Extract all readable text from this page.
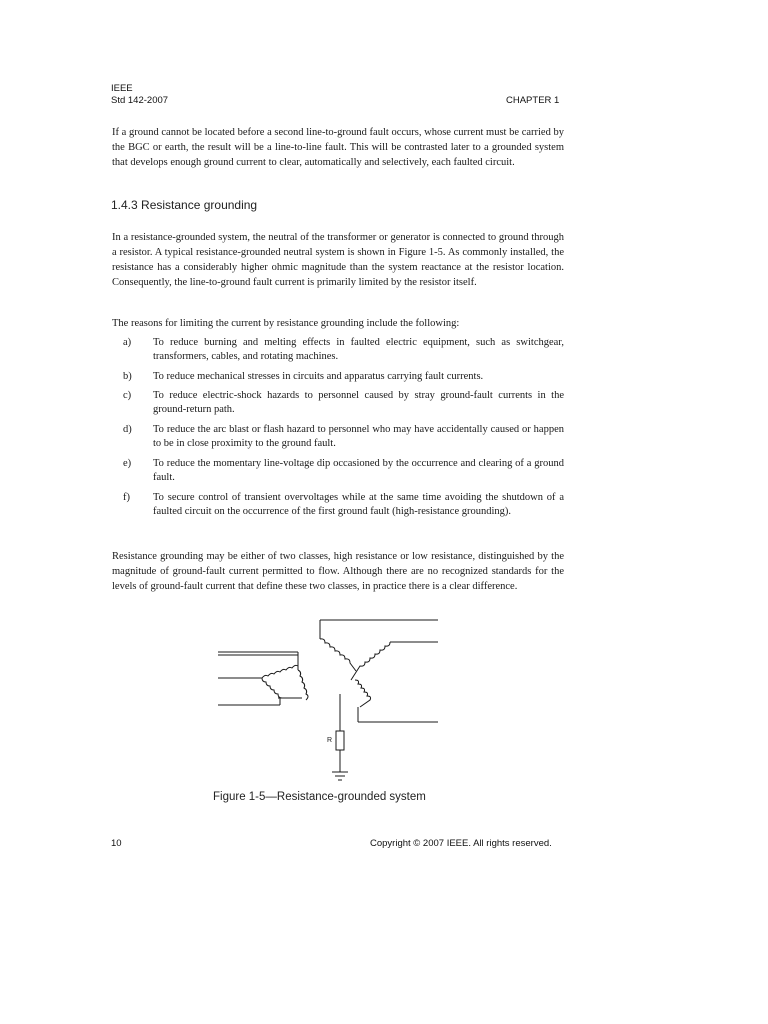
IEEE
Std 142-2007	CHAPTER 1

If a ground cannot be located before a second line-to-ground fault occurs, whose current must be carried by the BGC or earth, the result will be a line-to-line fault. This will be contrasted later to a grounded system that develops enough ground current to clear, automatically and selectively, each faulted circuit.

1.4.3 Resistance grounding

In a resistance-grounded system, the neutral of the transformer or generator is connected to ground through a resistor. A typical resistance-grounded neutral system is shown in Figure 1-5. As commonly installed, the resistance has a considerably higher ohmic magnitude than the system reactance at the resistor location. Consequently, the line-to-ground fault current is primarily limited by the resistor itself.

The reasons for limiting the current by resistance grounding include the following:

a)	To reduce burning and melting effects in faulted electric equipment, such as switchgear, transformers, cables, and rotating machines.

b)	To reduce mechanical stresses in circuits and apparatus carrying fault currents.

c)	To reduce electric-shock hazards to personnel caused by stray ground-fault currents in the ground-return path.

d)	To reduce the arc blast or flash hazard to personnel who may have accidentally caused or happen to be in close proximity to the ground fault.

e)	To reduce the momentary line-voltage dip occasioned by the occurrence and clearing of a ground fault.

f)	To secure control of transient overvoltages while at the same time avoiding the shutdown of a faulted circuit on the occurrence of the first ground fault (high-resistance grounding).

Resistance grounding may be either of two classes, high resistance or low resistance, distinguished by the magnitude of ground-fault current permitted to flow. Although there are no recognized standards for the levels of ground-fault current that define these two classes, in practice there is a clear difference.

R
Figure 1-5—Resistance-grounded system
10	Copyright © 2007 IEEE. All rights reserved.
